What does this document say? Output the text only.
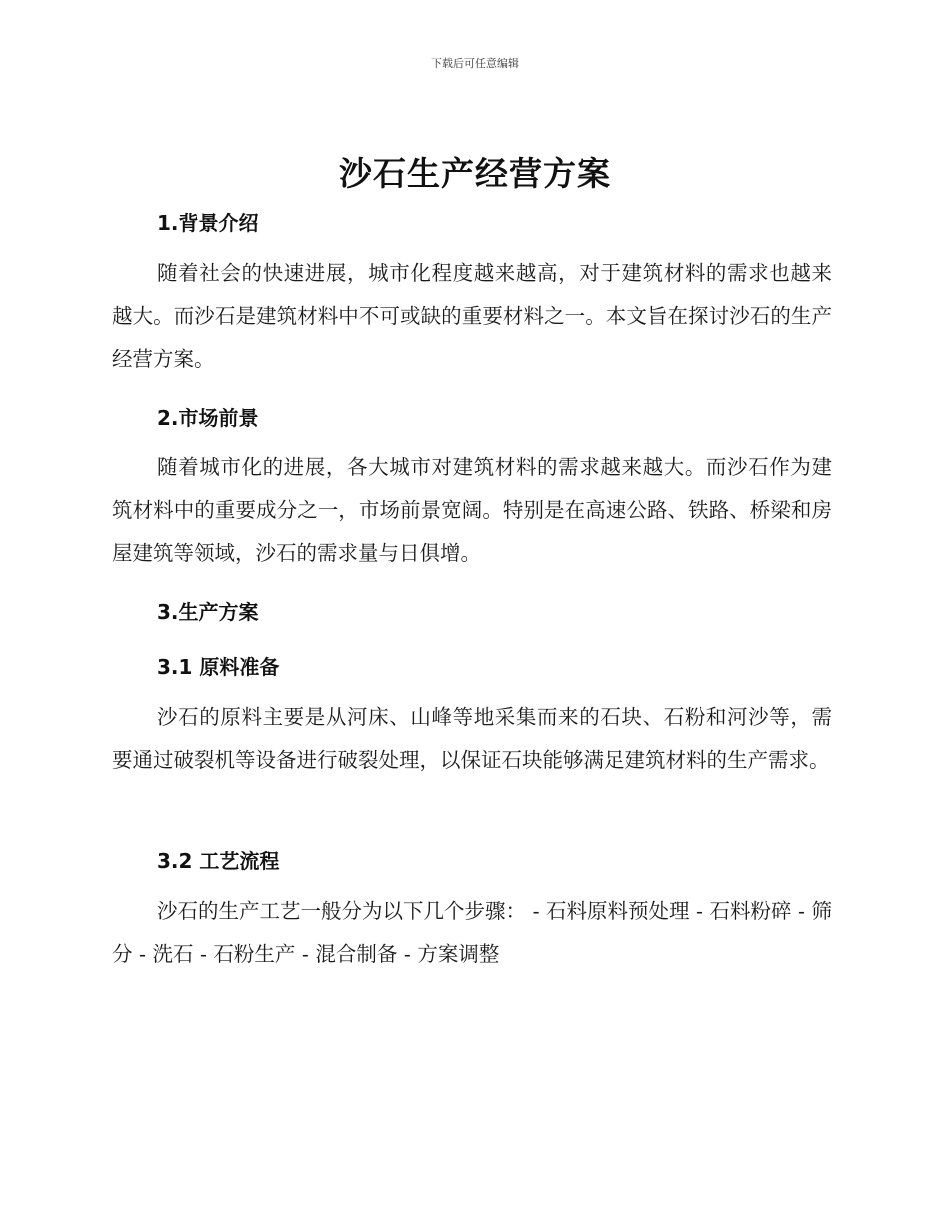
下载后可任意编辑
沙石生产经营方案
1.背景介绍
随着社会的快速进展，城市化程度越来越高，对于建筑材料的需求也越来越大。而沙石是建筑材料中不可或缺的重要材料之一。本文旨在探讨沙石的生产经营方案。
2.市场前景
随着城市化的进展，各大城市对建筑材料的需求越来越大。而沙石作为建筑材料中的重要成分之一，市场前景宽阔。特别是在高速公路、铁路、桥梁和房屋建筑等领域，沙石的需求量与日俱增。
3.生产方案
3.1 原料准备
沙石的原料主要是从河床、山峰等地采集而来的石块、石粉和河沙等，需要通过破裂机等设备进行破裂处理，以保证石块能够满足建筑材料的生产需求。
3.2 工艺流程
沙石的生产工艺一般分为以下几个步骤： - 石料原料预处理 - 石料粉碎 - 筛分 - 洗石 - 石粉生产 - 混合制备 - 方案调整
